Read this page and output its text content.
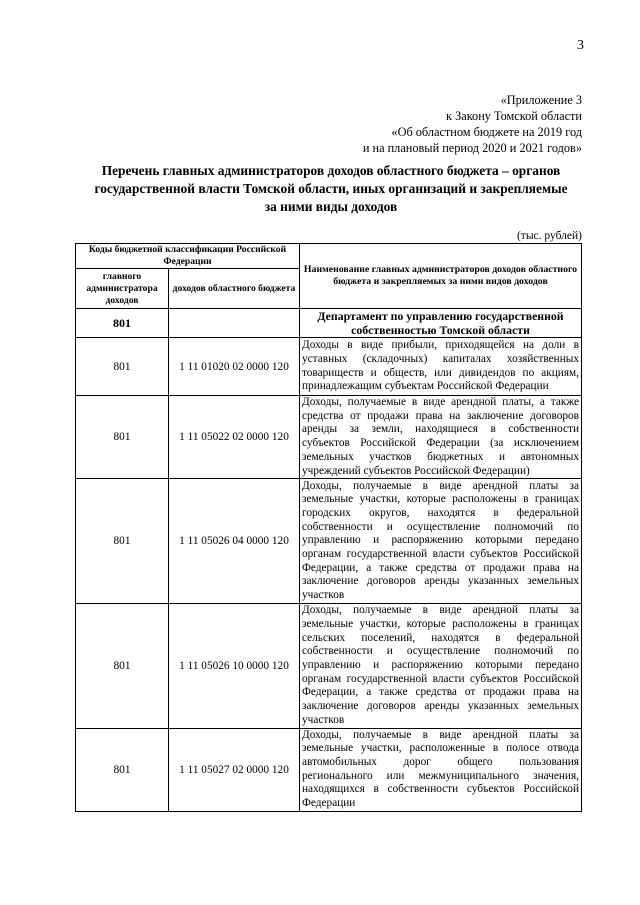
3
«Приложение 3
к Закону Томской области
«Об областном бюджете на 2019 год
и на плановый период 2020 и 2021 годов»
Перечень главных администраторов доходов областного бюджета – органов
государственной власти Томской области, иных организаций и закрепляемые
за ними виды доходов
(тыс. рублей)
Коды бюджетной классификации Российской Федерации		Наименование главных администраторов доходов областного бюджета и закрепляемых за ними видов доходов
главного администратора доходов	доходов областного бюджета	
801		Департамент по управлению государственной собственностью Томской области
801	1 11 01020 02 0000 120	Доходы в виде прибыли, приходящейся на доли в уставных (складочных) капиталах хозяйственных товариществ и обществ, или дивидендов по акциям, принадлежащим субъектам Российской Федерации
801	1 11 05022 02 0000 120	Доходы, получаемые в виде арендной платы, а также средства от продажи права на заключение договоров аренды за земли, находящиеся в собственности субъектов Российской Федерации (за исключением земельных участков бюджетных и автономных учреждений субъектов Российской Федерации)
801	1 11 05026 04 0000 120	Доходы, получаемые в виде арендной платы за земельные участки, которые расположены в границах городских округов, находятся в федеральной собственности и осуществление полномочий по управлению и распоряжению которыми передано органам государственной власти субъектов Российской Федерации, а также средства от продажи права на заключение договоров аренды указанных земельных участков
801	1 11 05026 10 0000 120	Доходы, получаемые в виде арендной платы за земельные участки, которые расположены в границах сельских поселений, находятся в федеральной собственности и осуществление полномочий по управлению и распоряжению которыми передано органам государственной власти субъектов Российской Федерации, а также средства от продажи права на заключение договоров аренды указанных земельных участков
801	1 11 05027 02 0000 120	Доходы, получаемые в виде арендной платы за земельные участки, расположенные в полосе отвода автомобильных дорог общего пользования регионального или межмуниципального значения, находящихся в собственности субъектов Российской Федерации
